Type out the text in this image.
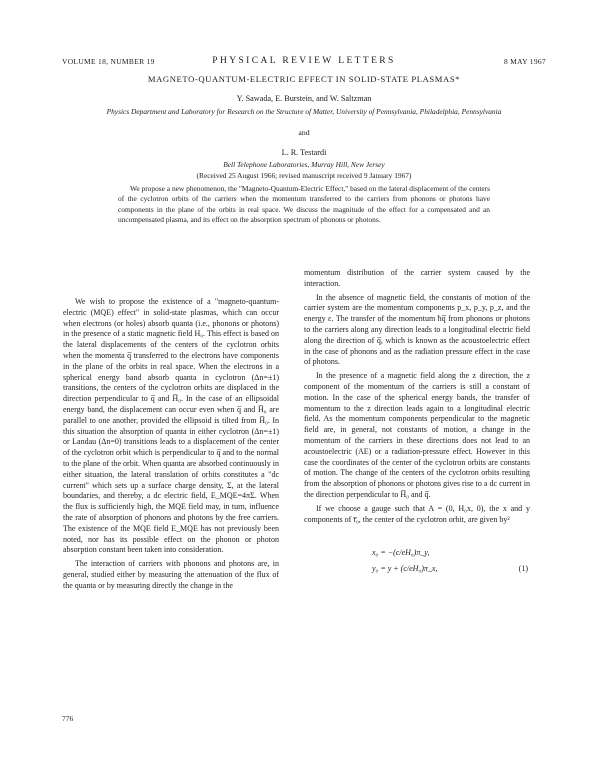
VOLUME 18, NUMBER 19	PHYSICAL REVIEW LETTERS	8 MAY 1967

MAGNETO-QUANTUM-ELECTRIC EFFECT IN SOLID-STATE PLASMAS*

Y. Sawada, E. Burstein, and W. Saltzman

Physics Department and Laboratory for Research on the Structure of Matter, University of Pennsylvania, Philadelphia, Pennsylvania

and

L. R. Testardi

Bell Telephone Laboratories, Murray Hill, New Jersey

(Received 25 August 1966; revised manuscript received 9 January 1967)

We propose a new phenomenon, the "Magneto-Quantum-Electric Effect," based on the lateral displacement of the centers of the cyclotron orbits of the carriers when the momentum transferred to the carriers from phonons or photons have components in the plane of the orbits in real space. We discuss the magnitude of the effect for a compensated and an uncompensated plasma, and its effect on the absorption spectrum of phonons or photons.

We wish to propose the existence of a "magneto-quantum-electric (MQE) effect" in solid-state plasmas, which can occur when electrons (or holes) absorb quanta (i.e., phonons or photons) in the presence of a static magnetic field H₀. This effect is based on the lateral displacements of the centers of the cyclotron orbits when the momenta q̅ transferred to the electrons have components in the plane of the orbits in real space. When the electrons in a spherical energy band absorb quanta in cyclotron (Δn=±1) transitions, the centers of the cyclotron orbits are displaced in the direction perpendicular to q̅ and H̅₀. In the case of an ellipsoidal energy band, the displacement can occur even when q̅ and H̅₀ are parallel to one another, provided the ellipsoid is tilted from H̅₀. In this situation the absorption of quanta in either cyclotron (Δn=±1) or Landau (Δn=0) transitions leads to a displacement of the center of the cyclotron orbit which is perpendicular to q̅ and to the normal to the plane of the orbit. When quanta are absorbed continuously in either situation, the lateral translation of orbits constitutes a "dc current" which sets up a surface charge density, Σ, at the lateral boundaries, and thereby, a dc electric field, E_MQE=4πΣ. When the flux is sufficiently high, the MQE field may, in turn, influence the rate of absorption of phonons and photons by the free carriers. The existence of the MQE field E_MQE has not previously been noted, nor has its possible effect on the phonon or photon absorption constant been taken into consideration.

The interaction of carriers with phonons and photons are, in general, studied either by measuring the attenuation of the flux of the quanta or by measuring directly the change in the

momentum distribution of the carrier system caused by the interaction.

In the absence of magnetic field, the constants of motion of the carrier system are the momentum components p_x, p_y, p_z, and the energy ε. The transfer of the momentum ħq̅ from phonons or photons to the carriers along any direction leads to a longitudinal electric field along the direction of q̅, which is known as the acoustoelectric effect in the case of phonons and as the radiation pressure effect in the case of photons.

In the presence of a magnetic field along the z direction, the z component of the momentum of the carriers is still a constant of motion. In the case of the spherical energy bands, the transfer of momentum to the z direction leads again to a longitudinal electric field. As the momentum components perpendicular to the magnetic field are, in general, not constants of motion, a change in the momentum of the carriers in these directions does not lead to an acoustoelectric (AE) or a radiation-pressure effect. However in this case the coordinates of the center of the cyclotron orbits are constants of motion. The change of the centers of the cyclotron orbits resulting from the absorption of phonons or photons gives rise to a dc current in the direction perpendicular to H̅₀ and q̅.

If we choose a gauge such that A = (0, H₀x, 0), the x and y components of r̅₀, the center of the cyclotron orbit, are given by²

x₀ = −(c/eH₀)π_y,
y₀ = y + (c/eH₀)π_x,	(1)
776
